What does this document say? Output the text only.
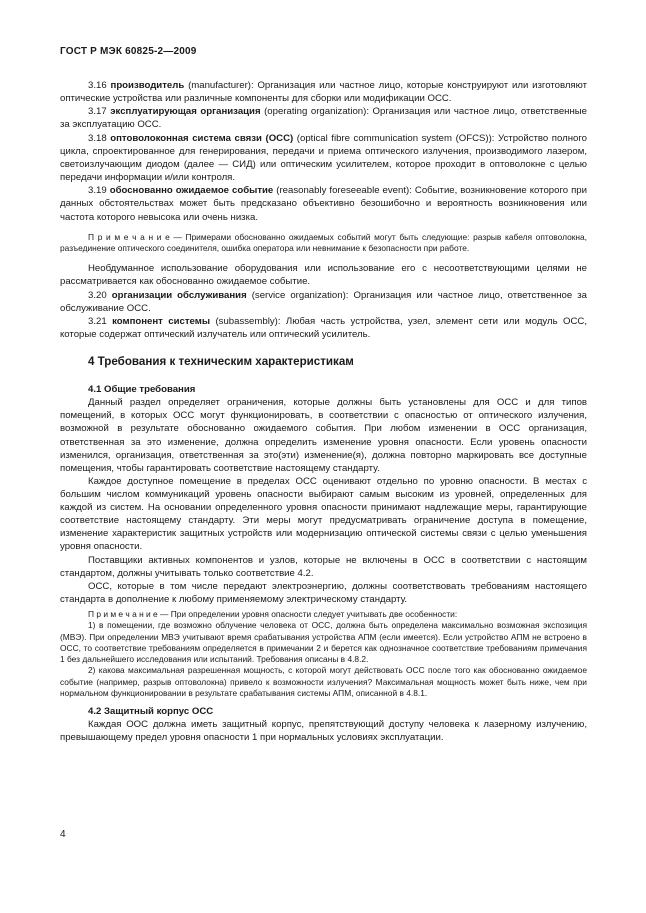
ГОСТ Р МЭК 60825-2—2009

3.16 производитель (manufacturer): Организация или частное лицо, которые конструируют или изготовляют оптические устройства или различные компоненты для сборки или модификации ОСС.

3.17 эксплуатирующая организация (operating organization): Организация или частное лицо, ответственные за эксплуатацию ОСС.

3.18 оптоволоконная система связи (ОСС) (optical fibre communication system (OFCS)): Устройство полного цикла, спроектированное для генерирования, передачи и приема оптического излучения, производимого лазером, светоизлучающим диодом (далее — СИД) или оптическим усилителем, которое проходит в оптоволокне с целью передачи информации и/или контроля.

3.19 обоснованно ожидаемое событие (reasonably foreseeable event): Событие, возникновение которого при данных обстоятельствах может быть предсказано объективно безошибочно и вероятность возникновения или частота которого невысока или очень низка.

П р и м е ч а н и е — Примерами обоснованно ожидаемых событий могут быть следующие: разрыв кабеля оптоволокна, разъединение оптического соединителя, ошибка оператора или невнимание к безопасности при работе.

Необдуманное использование оборудования или использование его с несоответствующими целями не рассматривается как обоснованно ожидаемое событие.

3.20 организации обслуживания (service organization): Организация или частное лицо, ответственное за обслуживание ОСС.

3.21 компонент системы (subassembly): Любая часть устройства, узел, элемент сети или модуль ОСС, которые содержат оптический излучатель или оптический усилитель.

4 Требования к техническим характеристикам
4.1 Общие требования

Данный раздел определяет ограничения, которые должны быть установлены для ОСС и для типов помещений, в которых ОСС могут функционировать, в соответствии с опасностью от оптического излучения, возможной в результате обоснованно ожидаемого события. При любом изменении в ОСС организация, ответственная за это изменение, должна определить изменение уровня опасности. Если уровень опасности изменился, организация, ответственная за это(эти) изменение(я), должна повторно маркировать все доступные помещения, чтобы гарантировать соответствие настоящему стандарту.

Каждое доступное помещение в пределах ОСС оценивают отдельно по уровню опасности. В местах с большим числом коммуникаций уровень опасности выбирают самым высоким из уровней, определенных для каждой из систем. На основании определенного уровня опасности принимают надлежащие меры, гарантирующие соответствие настоящему стандарту. Эти меры могут предусматривать ограничение доступа в помещение, изменение характеристик защитных устройств или модернизацию оптической системы связи с целью уменьшения уровня опасности.

Поставщики активных компонентов и узлов, которые не включены в ОСС в соответствии с настоящим стандартом, должны учитывать только соответствие 4.2.

ОСС, которые в том числе передают электроэнергию, должны соответствовать требованиям настоящего стандарта в дополнение к любому применяемому электрическому стандарту.

П р и м е ч а н и е — При определении уровня опасности следует учитывать две особенности:

1) в помещении, где возможно облучение человека от ОСС, должна быть определена максимально возможная экспозиция (МВЭ). При определении МВЭ учитывают время срабатывания устройства АПМ (если имеется). Если устройство АПМ не встроено в ОСС, то соответствие требованиям определяется в примечании 2 и берется как однозначное соответствие требованиям примечания 1 без дальнейшего исследования или испытаний. Требования описаны в 4.8.2.

2) какова максимальная разрешенная мощность, с которой могут действовать ОСС после того как обоснованно ожидаемое событие (например, разрыв оптоволокна) привело к возможности излучения? Максимальная мощность может быть ниже, чем при нормальном функционировании в результате срабатывания системы АПМ, описанной в 4.8.1.

4.2 Защитный корпус ОСС

Каждая ООС должна иметь защитный корпус, препятствующий доступу человека к лазерному излучению, превышающему предел уровня опасности 1 при нормальных условиях эксплуатации.

4
